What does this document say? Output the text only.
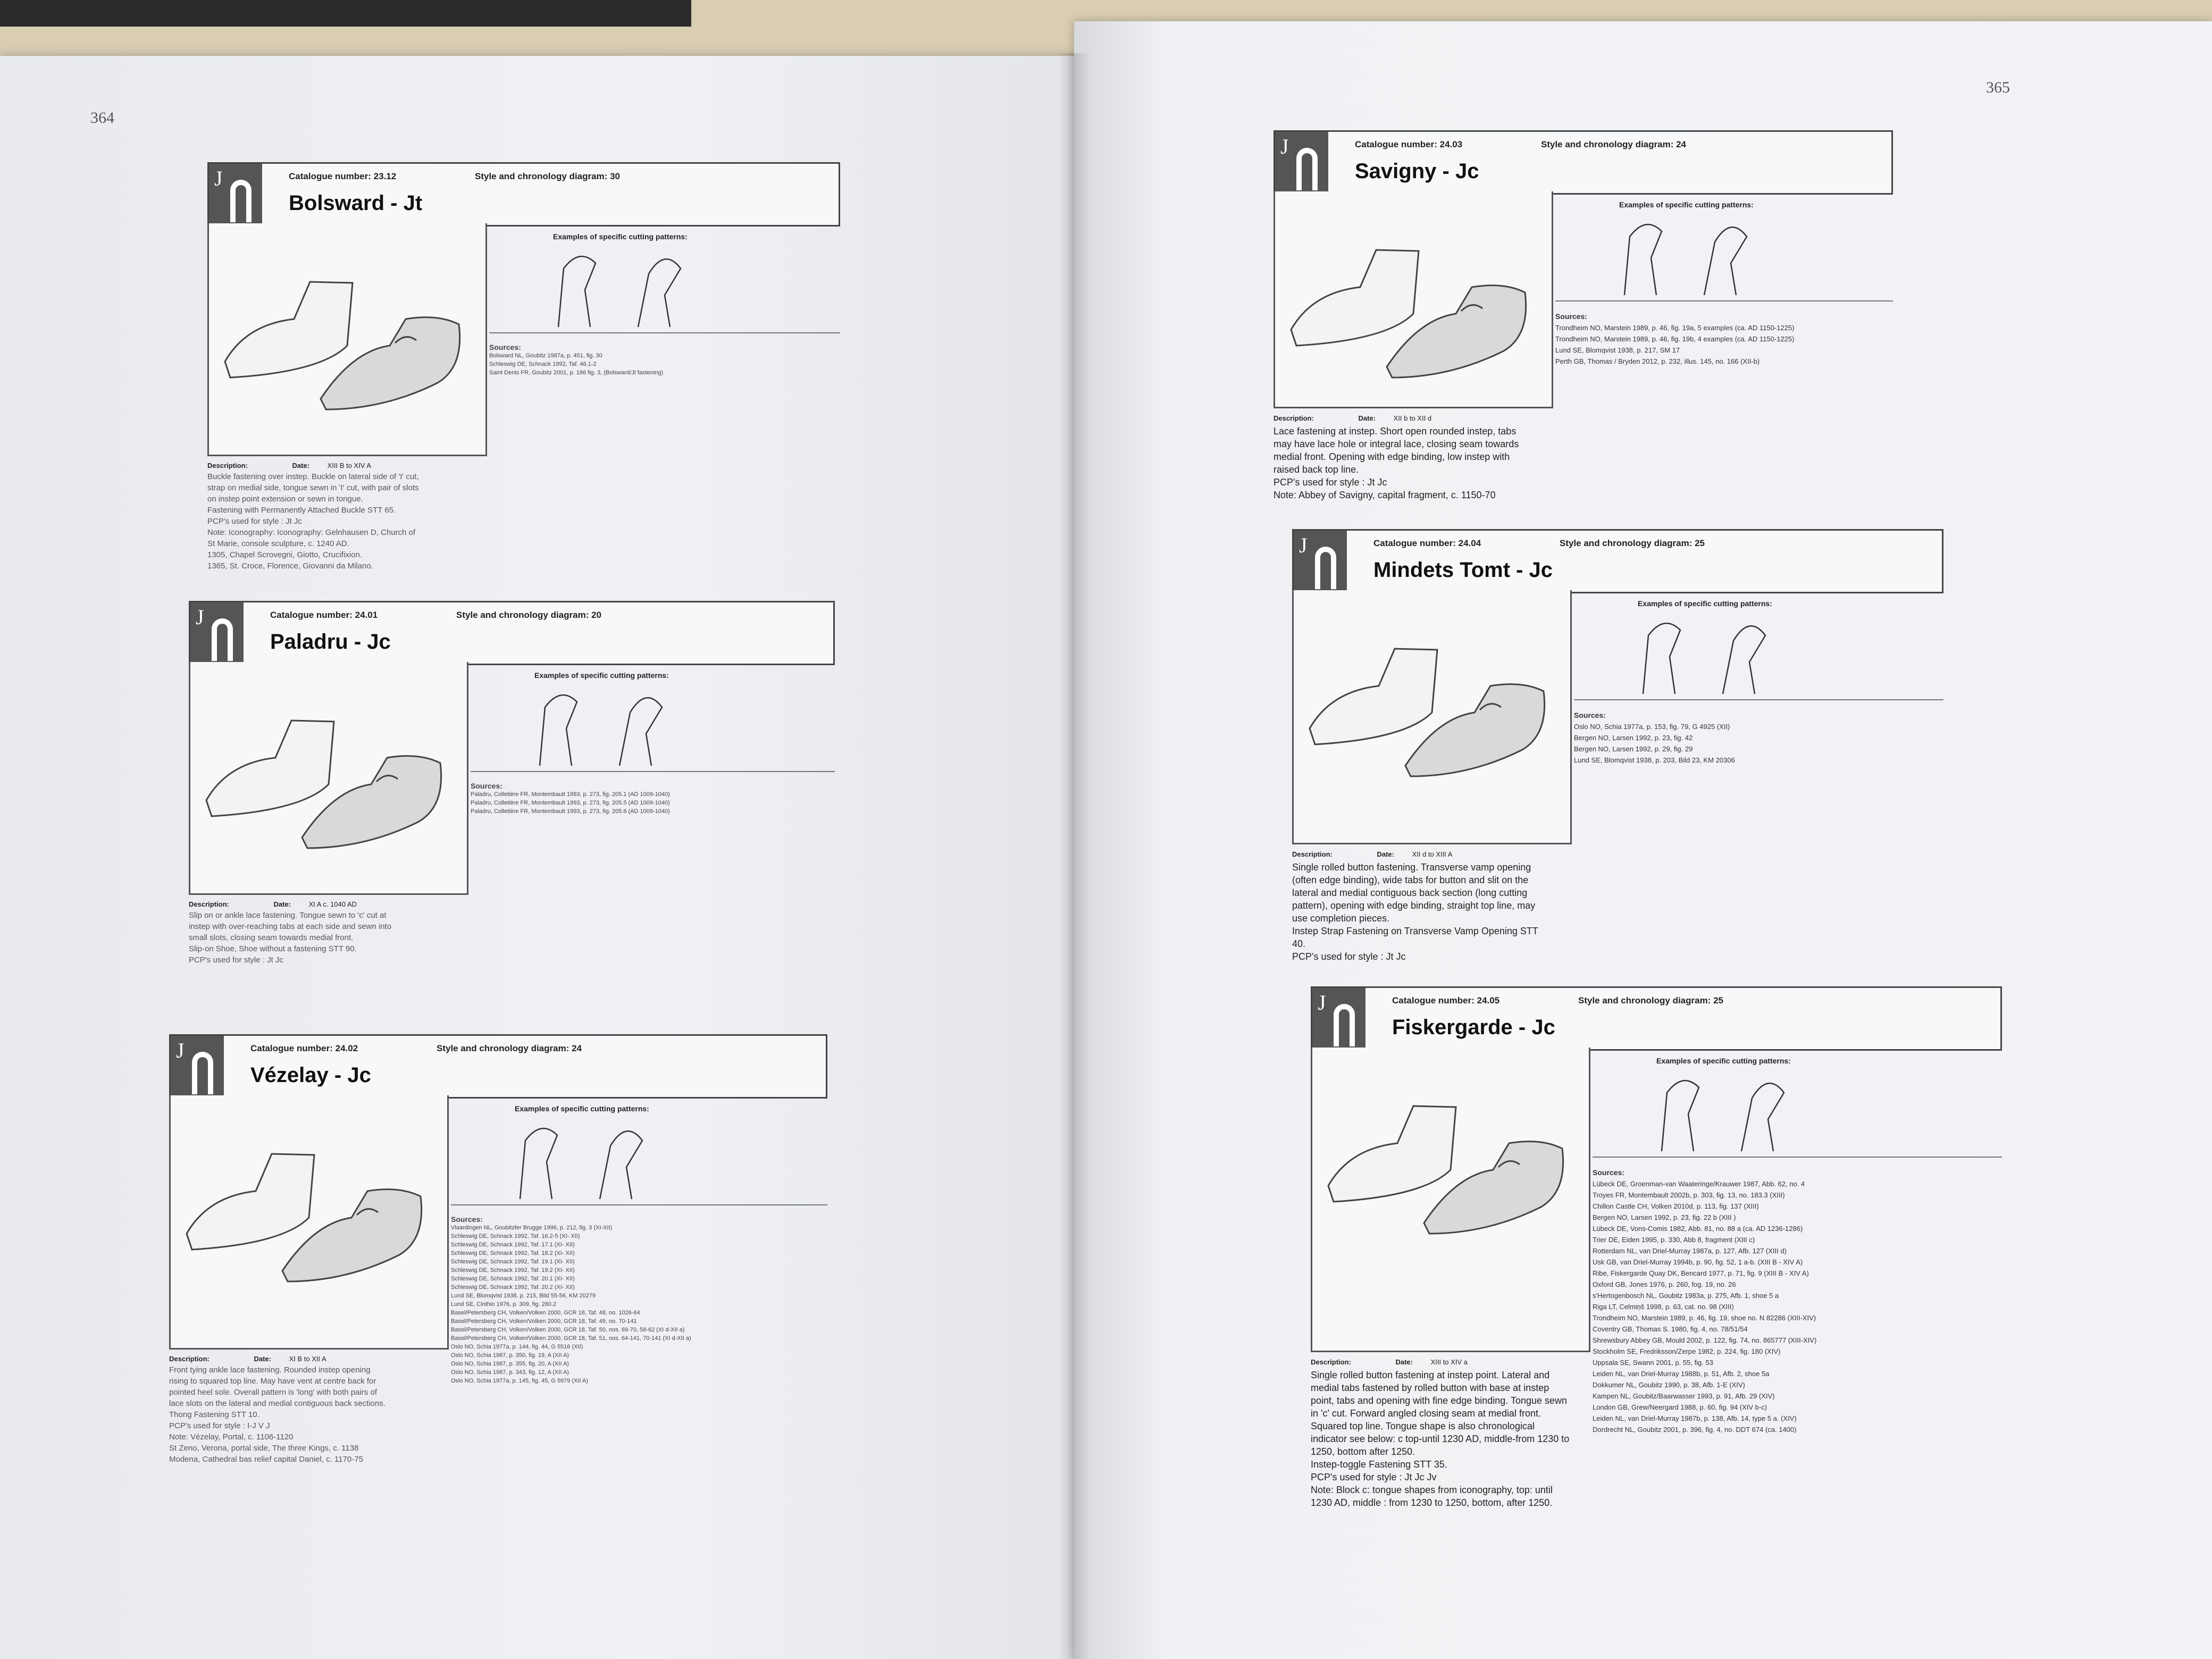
364
365
J	Catalogue number: 23.12	Style and chronology diagram: 30
Bolsward - Jt
Examples of specific cutting patterns:
Sources:
Bolsward NL, Goubitz 1987a, p. 451, fig. 30
Schleswig DE, Schnack 1992, Taf. 46.1-2
Saint Denis FR, Goubitz 2001, p. 186 fig. 3, (Bolsward/Jt fastening)
Description:	Date:	XIII B to XIV A
Buckle fastening over instep. Buckle on lateral side of 'I' cut,
strap on medial side, tongue sewn in 'I' cut, with pair of slots
on instep point extension or sewn in tongue.
Fastening with Permanently Attached Buckle STT 65.
PCP's used for style : Jt Jc
Note: Iconography: Iconography: Gelnhausen D, Church of
St Marie, console sculpture, c. 1240 AD.
1305, Chapel Scrovegni, Giotto, Crucifixion.
1365, St. Croce, Florence, Giovanni da Milano.
J	Catalogue number: 24.01	Style and chronology diagram: 20
Paladru - Jc
Examples of specific cutting patterns:
Sources:
Paladru, Colletière FR, Montembault 1993, p. 273, fig. 205.1 (AD 1009-1040)
Paladru, Colletière FR, Montembault 1993, p. 273, fig. 205.5 (AD 1009-1040)
Paladru, Colletière FR, Montembault 1993, p. 273, fig. 205.6 (AD 1009-1040)
Description:	Date:	XI A c. 1040 AD
Slip on or ankle lace fastening. Tongue sewn to 'c' cut at
instep with over-reaching tabs at each side and sewn into
small slots, closing seam towards medial front.
Slip-on Shoe, Shoe without a fastening STT 90.
PCP's used for style : Jt Jc
J	Catalogue number: 24.02	Style and chronology diagram: 24
Vézelay - Jc
Examples of specific cutting patterns:
Sources:
Vlaardingen NL, Goubitzfer Brugge 1996, p. 212, fig. 3 (XI-XII)
Schleswig DE, Schnack 1992, Taf. 16.2-5 (XI- XII)
Schleswig DE, Schnack 1992, Taf. 17.1 (XI- XII)
Schleswig DE, Schnack 1992, Taf. 18.2 (XI- XII)
Schleswig DE, Schnack 1992, Taf. 19.1 (XI- XII)
Schleswig DE, Schnack 1992, Taf. 19.2 (XI- XII)
Schleswig DE, Schnack 1992, Taf. 20.1 (XI- XII)
Schleswig DE, Schnack 1992, Taf. 20.2 (XI- XII)
Lund SE, Blomqvist 1938, p. 215, Bild 55-56, KM 20279
Lund SE, Cinthio 1976, p. 309, fig. 280.2
Basel/Petersberg CH, Volken/Volken 2000, GCR 18, Taf. 48, no. 1026-64
Basel/Petersberg CH, Volken/Volken 2000, GCR 18, Taf. 49, no. 70-141
Basel/Petersberg CH, Volken/Volken 2000, GCR 18, Taf. 50, nos. 69-70, 58-62 (XI d-XII a)
Basel/Petersberg CH, Volken/Volken 2000, GCR 18, Taf. 51, nos. 64-141, 70-141 (XI d-XII a)
Oslo NO, Schia 1977a, p. 144, fig. 44, G 5516 (XII)
Oslo NO, Schia 1987, p. 350, fig. 19, A (XII A)
Oslo NO, Schia 1987, p. 355, fig. 20, A (XII A)
Oslo NO, Schia 1987, p. 343, fig. 12, A (XII A)
Oslo NO, Schia 1977a, p. 145, fig. 45, G 5979 (XII A)
Description:	Date:	XI B to XII A
Front tying ankle lace fastening. Rounded instep opening
rising to squared top line. May have vent at centre back for
pointed heel sole. Overall pattern is 'long' with both pairs of
lace slots on the lateral and medial contiguous back sections.
Thong Fastening STT 10.
PCP's used for style : I-J V J
Note: Vézelay, Portal, c. 1106-1120
St Zeno, Verona, portal side, The three Kings, c. 1138
Modena, Cathedral bas relief capital Daniel, c. 1170-75
J	Catalogue number: 24.03	Style and chronology diagram: 24
Savigny - Jc
Examples of specific cutting patterns:
Sources:
Trondheim NO, Marstein 1989, p. 46, fig. 19a, 5 examples (ca. AD 1150-1225)
Trondheim NO, Marstein 1989, p. 46, fig. 19b, 4 examples (ca. AD 1150-1225)
Lund SE, Blomqvist 1938, p. 217, SM 17
Perth GB, Thomas / Bryden 2012, p. 232, illus. 145, no. 166 (XII-b)
Description:	Date:	XII b to XII d
Lace fastening at instep. Short open rounded instep, tabs
may have lace hole or integral lace, closing seam towards
medial front. Opening with edge binding, low instep with
raised back top line.
PCP's used for style : Jt Jc
Note: Abbey of Savigny, capital fragment, c. 1150-70
J	Catalogue number: 24.04	Style and chronology diagram: 25
Mindets Tomt - Jc
Examples of specific cutting patterns:
Sources:
Oslo NO, Schia 1977a, p. 153, fig. 79, G 4925 (XII)
Bergen NO, Larsen 1992, p. 23, fig. 42
Bergen NO, Larsen 1992, p. 29, fig. 29
Lund SE, Blomqvist 1938, p. 203, Bild 23, KM 20306
Description:	Date:	XII d to XIII A
Single rolled button fastening. Transverse vamp opening
(often edge binding), wide tabs for button and slit on the
lateral and medial contiguous back section (long cutting
pattern), opening with edge binding, straight top line, may
use completion pieces.
Instep Strap Fastening on Transverse Vamp Opening STT
40.
PCP's used for style : Jt Jc
J	Catalogue number: 24.05	Style and chronology diagram: 25
Fiskergarde - Jc
Examples of specific cutting patterns:
Sources:
Lübeck DE, Groenman-van Waateringe/Krauwer 1987, Abb. 62, no. 4
Troyes FR, Montembault 2002b, p. 303, fig. 13, no. 183.3 (XIII)
Chillon Castle CH, Volken 2010d, p. 113, fig. 137 (XIII)
Bergen NO, Larsen 1992, p. 23, fig. 22 b (XIII )
Lübeck DE, Vons-Comis 1982, Abb. 81, no. 88 a (ca. AD 1236-1286)
Trier DE, Eiden 1995, p. 330, Abb 8, fragment (XIII c)
Rotterdam NL, van Driel-Murray 1987a, p. 127, Afb. 127 (XIII d)
Usk GB, van Driel-Murray 1994b, p. 90, fig. 52, 1 a-b. (XIII B - XIV A)
Ribe, Fiskergarde Quay DK, Bencard 1977, p. 71, fig. 9 (XIII B - XIV A)
Oxford GB, Jones 1976, p. 260, fog. 19, no. 26
s'Hertogenbosch NL, Goubitz 1983a, p. 275, Afb. 1, shoe 5 a
Riga LT, Celmiņš 1998, p. 63, cat. no. 98 (XIII)
Trondheim NO, Marstein 1989, p. 46, fig. 19, shoe no. N 82286 (XIII-XIV)
Coventry GB, Thomas S. 1980, fig. 4, no. 78/51/54
Shrewsbury Abbey GB, Mould 2002, p. 122, fig. 74, no. 865777 (XIII-XIV)
Stockholm SE, Fredriksson/Zerpe 1982, p. 224, fig. 180 (XIV)
Uppsala SE, Swann 2001, p. 55, fig. 53
Leiden NL, van Driel-Murray 1988b, p. 51, Afb. 2, shoe 5a
Dokkumer NL, Goubitz 1990, p. 38, Afb. 1-E (XIV)
Kampen NL, Goubitz/Baarwasser 1993, p. 91, Afb. 29 (XIV)
London GB, Grew/Neergard 1988, p. 60, fig. 94 (XIV b-c)
Leiden NL, van Driel-Murray 1987b, p. 138, Afb. 14, type 5 a. (XIV)
Dordrecht NL, Goubitz 2001, p. 396, fig. 4, no. DDT 674 (ca. 1400)
Description:	Date:	XIII to XIV a
Single rolled button fastening at instep point. Lateral and
medial tabs fastened by rolled button with base at instep
point, tabs and opening with fine edge binding. Tongue sewn
in 'c' cut. Forward angled closing seam at medial front.
Squared top line. Tongue shape is also chronological
indicator see below: c top-until 1230 AD, middle-from 1230 to
1250, bottom after 1250.
Instep-toggle Fastening STT 35.
PCP's used for style : Jt Jc Jv
Note: Block c: tongue shapes from iconography, top: until
1230 AD, middle : from 1230 to 1250, bottom, after 1250.
